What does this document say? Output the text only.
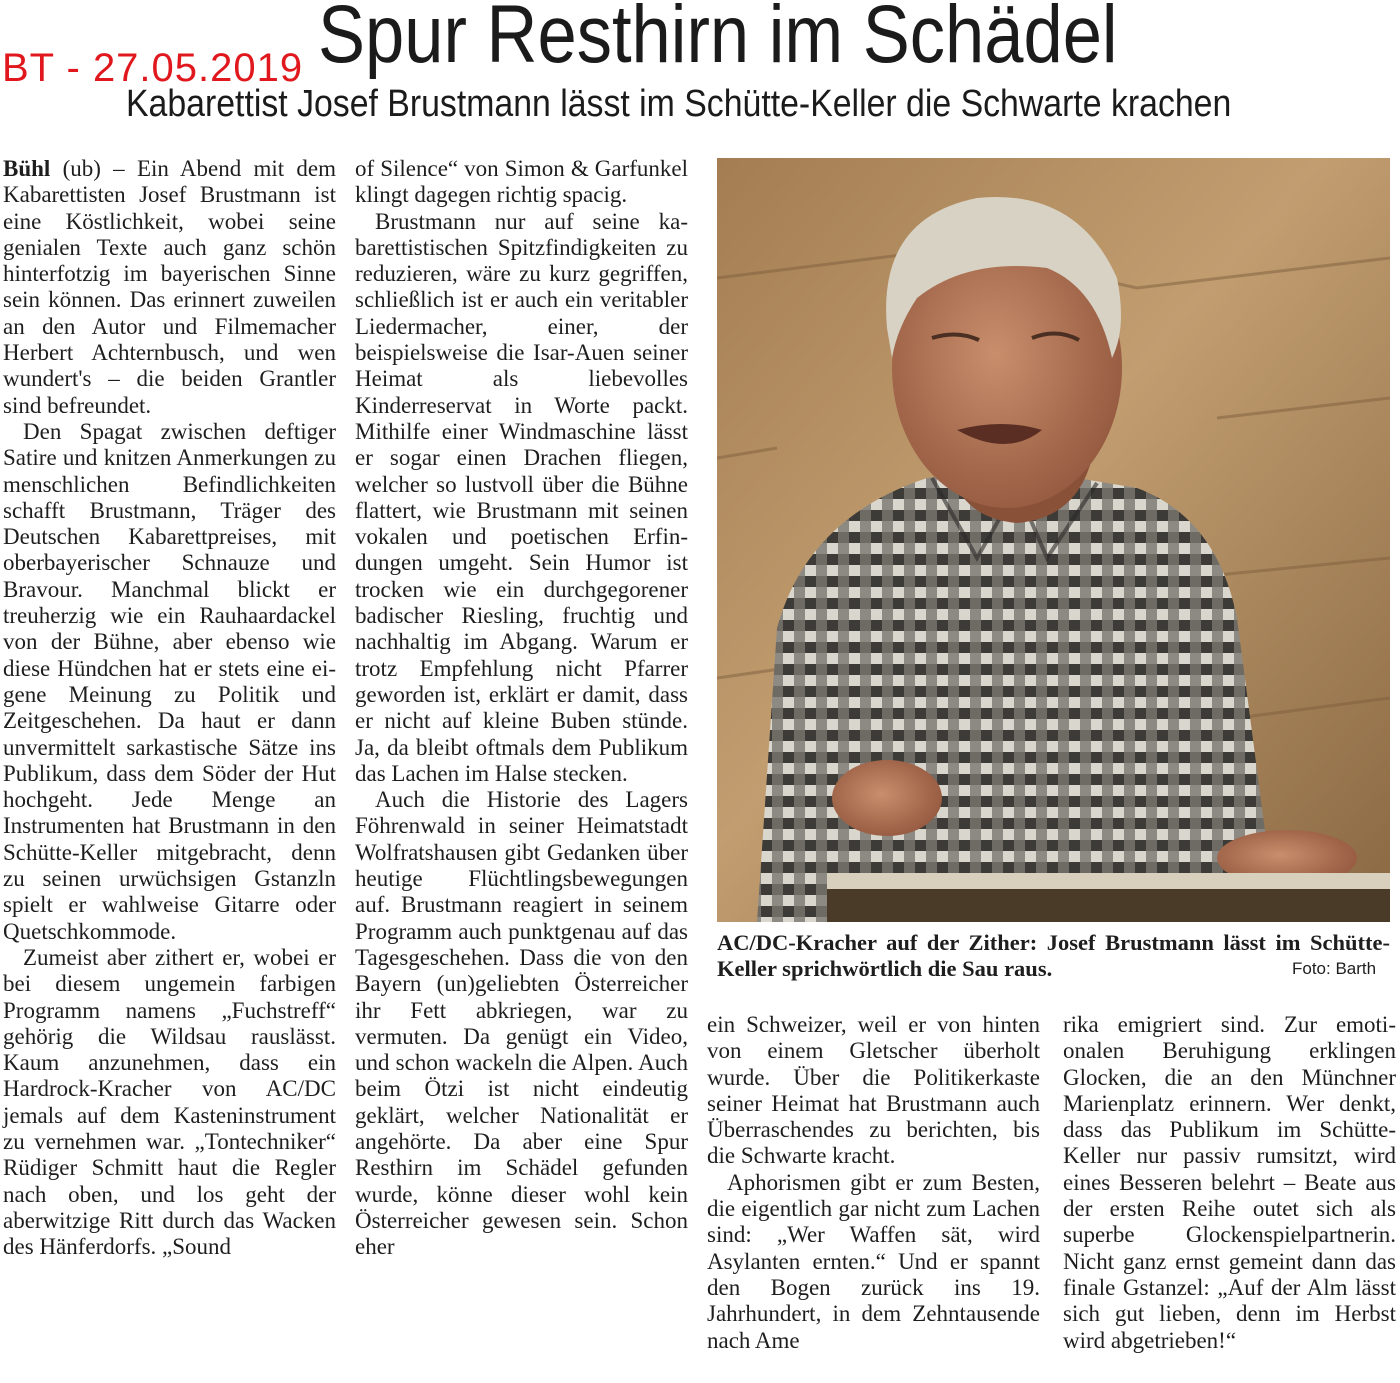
BT - 27.05.2019 Spur Resthirn im Schädel
Kabarettist Josef Brustmann lässt im Schütte-Keller die Schwarte krachen

Bühl (ub) – Ein Abend mit dem Kabarettisten Josef Brustmann ist eine Köstlichkeit, wobei seine genialen Texte auch ganz schön hinterfotzig im bayerischen Sinne sein können. Das erinnert zuweilen an den Autor und Filmemacher Herbert Achternbusch, und wen wundert's – die beiden Grantler sind befreundet.

Den Spagat zwischen deftiger Satire und knitzen Anmerkungen zu menschlichen Befindlichkeiten schafft Brustmann, Träger des Deutschen Kabarettpreises, mit oberbayerischer Schnauze und Bravour. Manchmal blickt er treuherzig wie ein Rauhaardackel von der Bühne, aber ebenso wie diese Hündchen hat er stets eine eigene Meinung zu Politik und Zeitgeschehen. Da haut er dann unvermittelt sarkastische Sätze ins Publikum, dass dem Söder der Hut hochgeht. Jede Menge an Instrumenten hat Brustmann in den Schütte-Keller mitgebracht, denn zu seinen urwüchsigen Gstanzln spielt er wahlweise Gitarre oder Quetschkommode.

Zumeist aber zithert er, wobei er bei diesem ungemein farbigen Programm namens „Fuchstreff“ gehörig die Wildsau rauslässt. Kaum anzunehmen, dass ein Hardrock-Kracher von AC/DC jemals auf dem Kasteninstrument zu vernehmen war. „Tontechniker“ Rüdiger Schmitt haut die Regler nach oben, und los geht der aberwitzige Ritt durch das Wacken des Hänferdorfs. „Sound

of Silence“ von Simon & Garfunkel klingt dagegen richtig spacig.

Brustmann nur auf seine kabarettistischen Spitzfindigkeiten zu reduzieren, wäre zu kurz gegriffen, schließlich ist er auch ein veritabler Liedermacher, einer, der beispielsweise die Isar-Auen seiner Heimat als liebevolles Kinderreservat in Worte packt. Mithilfe einer Windmaschine lässt er sogar einen Drachen fliegen, welcher so lustvoll über die Bühne flattert, wie Brustmann mit seinen vokalen und poetischen Erfindungen umgeht. Sein Humor ist trocken wie ein durchgegorener badischer Riesling, fruchtig und nachhaltig im Abgang. Warum er trotz Empfehlung nicht Pfarrer geworden ist, erklärt er damit, dass er nicht auf kleine Buben stünde. Ja, da bleibt oftmals dem Publikum das Lachen im Halse stecken.

Auch die Historie des Lagers Föhrenwald in seiner Heimatstadt Wolfratshausen gibt Gedanken über heutige Flüchtlingsbewegungen auf. Brustmann reagiert in seinem Programm auch punktgenau auf das Tagesgeschehen. Dass die von den Bayern (un)geliebten Österreicher ihr Fett abkriegen, war zu vermuten. Da genügt ein Video, und schon wackeln die Alpen. Auch beim Ötzi ist nicht eindeutig geklärt, welcher Nationalität er angehörte. Da aber eine Spur Resthirn im Schädel gefunden wurde, könne dieser wohl kein Österreicher gewesen sein. Schon eher

AC/DC-Kracher auf der Zither: Josef Brustmann lässt im Schütte-Keller sprichwörtlich die Sau raus.	Foto: Barth

ein Schweizer, weil er von hinten von einem Gletscher überholt wurde. Über die Politikerkaste seiner Heimat hat Brustmann auch Überraschendes zu berichten, bis die Schwarte kracht.

Aphorismen gibt er zum Besten, die eigentlich gar nicht zum Lachen sind: „Wer Waffen sät, wird Asylanten ernten.“ Und er spannt den Bogen zurück ins 19. Jahrhundert, in dem Zehntausende nach Ame

rika emigriert sind. Zur emotionalen Beruhigung erklingen Glocken, die an den Münchner Marienplatz erinnern. Wer denkt, dass das Publikum im Schütte-Keller nur passiv rumsitzt, wird eines Besseren belehrt – Beate aus der ersten Reihe outet sich als superbe Glockenspielpartnerin. Nicht ganz ernst gemeint dann das finale Gstanzel: „Auf der Alm lässt sich gut lieben, denn im Herbst wird abgetrieben!“
